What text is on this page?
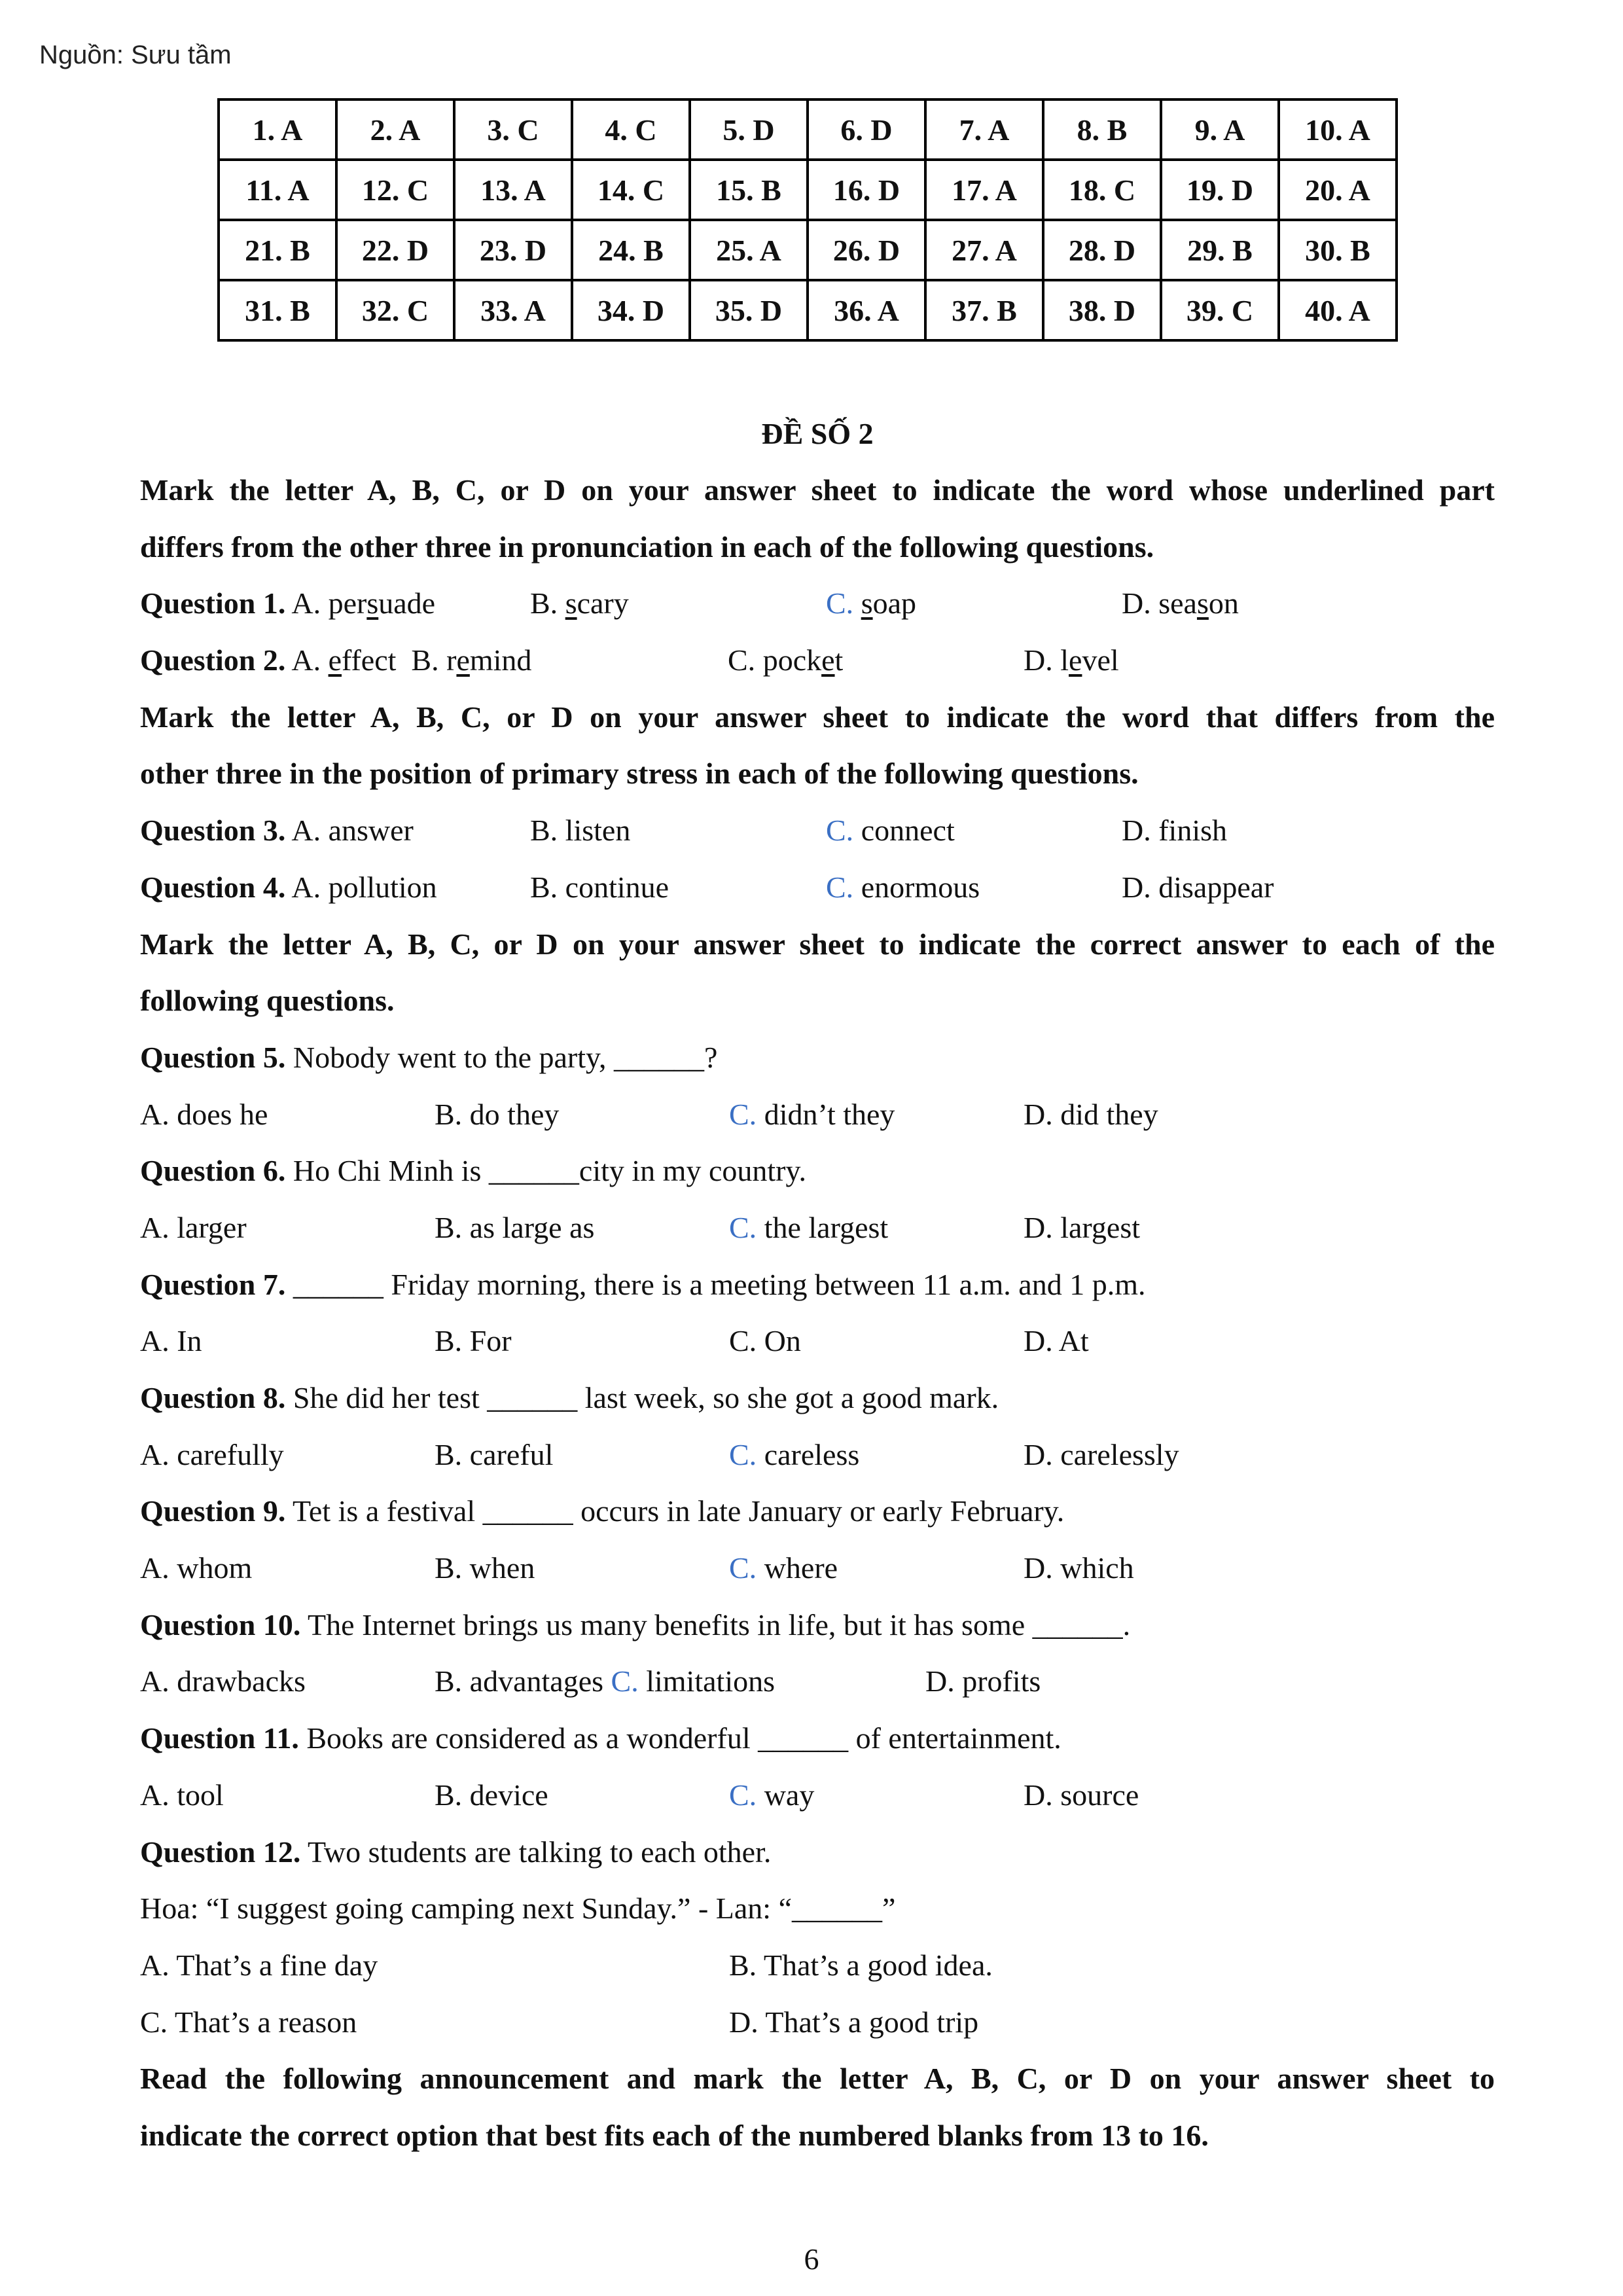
Nguồn: Sưu tầm
1. A	2. A	3. C	4. C	5. D	6. D	7. A	8. B	9. A	10. A
11. A	12. C	13. A	14. C	15. B	16. D	17. A	18. C	19. D	20. A
21. B	22. D	23. D	24. B	25. A	26. D	27. A	28. D	29. B	30. B
31. B	32. C	33. A	34. D	35. D	36. A	37. B	38. D	39. C	40. A
ĐỀ SỐ 2
Mark the letter A, B, C, or D on your answer sheet to indicate the word whose underlined part
differs from the other three in pronunciation in each of the following questions.
Question 1. A. persuade	B. scary	C. soap	D. season
Question 2. A. effect B. remind	C. pocket	D. level
Mark the letter A, B, C, or D on your answer sheet to indicate the word that differs from the
other three in the position of primary stress in each of the following questions.
Question 3. A. answer	B. listen	C. connect	D. finish
Question 4. A. pollution	B. continue	C. enormous	D. disappear
Mark the letter A, B, C, or D on your answer sheet to indicate the correct answer to each of the
following questions.
Question 5. Nobody went to the party, ______?
A. does he	B. do they	C. didn’t they	D. did they
Question 6. Ho Chi Minh is ______city in my country.
A. larger	B. as large as	C. the largest	D. largest
Question 7. ______ Friday morning, there is a meeting between 11 a.m. and 1 p.m.
A. In	B. For	C. On	D. At
Question 8. She did her test ______ last week, so she got a good mark.
A. carefully	B. careful	C. careless	D. carelessly
Question 9. Tet is a festival ______ occurs in late January or early February.
A. whom	B. when	C. where	D. which
Question 10. The Internet brings us many benefits in life, but it has some ______.
A. drawbacks	B. advantages C. limitations	D. profits
Question 11. Books are considered as a wonderful ______ of entertainment.
A. tool	B. device	C. way	D. source
Question 12. Two students are talking to each other.
Hoa: “I suggest going camping next Sunday.” - Lan: “______”
A. That’s a fine day	B. That’s a good idea.
C. That’s a reason	D. That’s a good trip
Read the following announcement and mark the letter A, B, C, or D on your answer sheet to
indicate the correct option that best fits each of the numbered blanks from 13 to 16.
6
